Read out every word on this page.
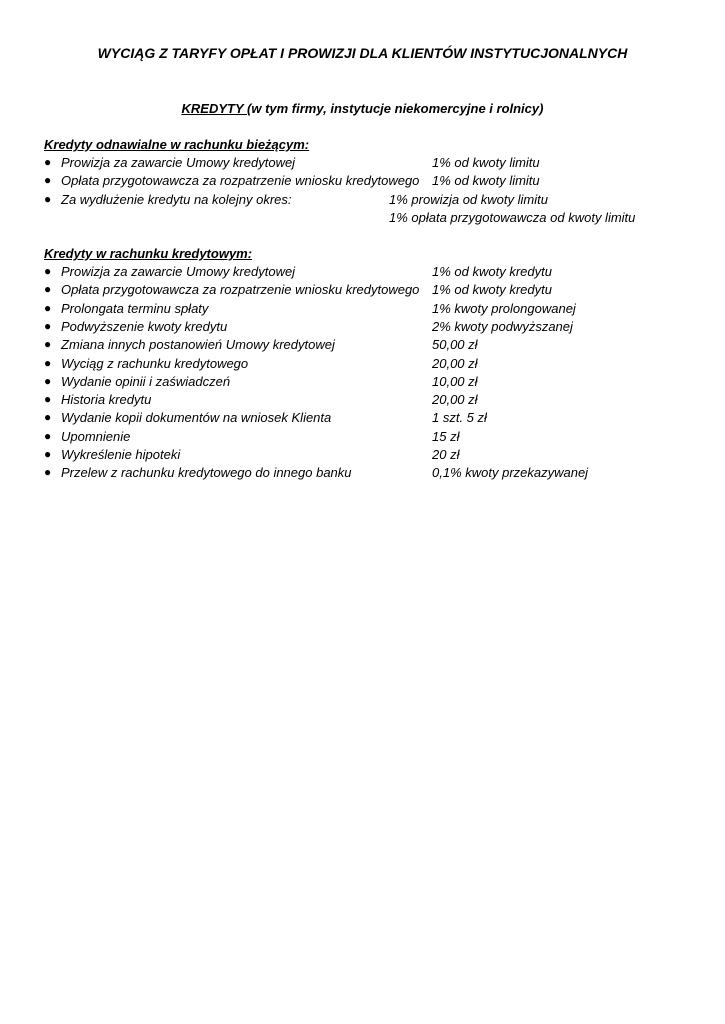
WYCIĄG Z TARYFY OPŁAT I PROWIZJI DLA KLIENTÓW INSTYTUCJONALNYCH
KREDYTY (w tym firmy, instytucje niekomercyjne i rolnicy)
Kredyty odnawialne w rachunku bieżącym:
● Prowizja za zawarcie Umowy kredytowej	1% od kwoty limitu
● Opłata przygotowawcza za rozpatrzenie wniosku kredytowego 1% od kwoty limitu
● Za wydłużenie kredytu na kolejny okres:	1% prowizja od kwoty limitu
1% opłata przygotowawcza od kwoty limitu
Kredyty w rachunku kredytowym:
● Prowizja za zawarcie Umowy kredytowej	1% od kwoty kredytu
● Opłata przygotowawcza za rozpatrzenie wniosku kredytowego 1% od kwoty kredytu
● Prolongata terminu spłaty	1% kwoty prolongowanej
● Podwyższenie kwoty kredytu	2% kwoty podwyższanej
● Zmiana innych postanowień Umowy kredytowej	50,00 zł
● Wyciąg z rachunku kredytowego	20,00 zł
● Wydanie opinii i zaświadczeń	10,00 zł
● Historia kredytu	20,00 zł
● Wydanie kopii dokumentów na wniosek Klienta	1 szt. 5 zł
● Upomnienie	15 zł
● Wykreślenie hipoteki	20 zł
● Przelew z rachunku kredytowego do innego banku	0,1% kwoty przekazywanej
